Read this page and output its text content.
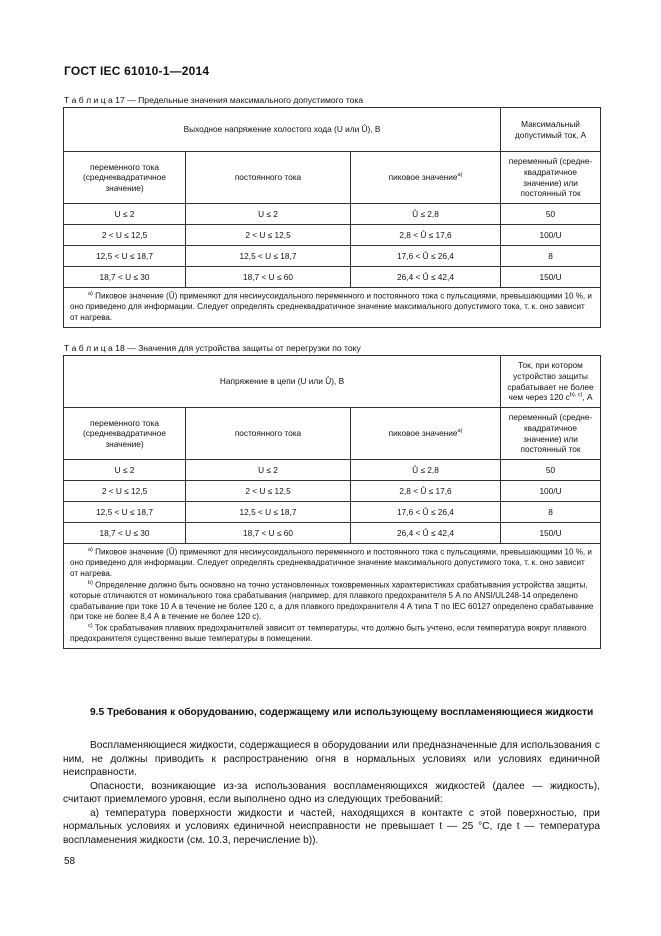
ГОСТ IEC 61010-1—2014
Т а б л и ц а 17 — Предельные значения максимального допустимого тока
Выходное напряжение холостого хода (U или Û), В			Максимальный допустимый ток, А
переменного тока (среднеквадратичное значение)	постоянного тока	пиковое значение$^{a)}$	переменный (средне-квадратичное значение) или постоянный ток
U ≤ 2	U ≤ 2	Û ≤ 2,8	50
2 < U ≤ 12,5	2 < U ≤ 12,5	2,8 < Û ≤ 17,6	100/U
12,5 < U ≤ 18,7	12,5 < U ≤ 18,7	17,6 < Û ≤ 26,4	8
18,7 < U ≤ 30	18,7 < U ≤ 60	26,4 < Û ≤ 42,4	150/U

$^{a)}$ Пиковое значение (Û) применяют для несинусоидального переменного и постоянного тока с пульсациями, превышающими 10 %, и оно приведено для информации. Следует определять среднеквадратичное значение максимального допустимого тока, т. к. оно зависит от нагрева.			

Т а б л и ц а 18 — Значения для устройства защиты от перегрузки по току
Напряжение в цепи (U или Û), В			Ток, при котором устройство защиты срабатывает не более чем через 120 $с^{b), c)}$, А
переменного тока (среднеквадратичное значение)	постоянного тока	пиковое значение$^{a)}$	переменный (средне-квадратичное значение) или постоянный ток
U ≤ 2	U ≤ 2	Û ≤ 2,8	50
2 < U ≤ 12,5	2 < U ≤ 12,5	2,8 < Û ≤ 17,6	100/U
12,5 < U ≤ 18,7	12,5 < U ≤ 18,7	17,6 < Û ≤ 26,4	8
18,7 < U ≤ 30	18,7 < U ≤ 60	26,4 < Û ≤ 42,4	150/U

$^{a)}$ Пиковое значение (Û) применяют для несинусоидального переменного и постоянного тока с пульсациями, превышающими 10 %, и оно приведено для информации. Следует определять среднеквадратичное значение максимального допустимого тока, т. к. оно зависит от нагрева.

$^{b)}$ Определение должно быть основано на точно установленных токовременных характеристиках срабатывания устройства защиты, которые отличаются от номинального тока срабатывания (например, для плавкого предохранителя 5 А по ANSI/UL248-14 определено срабатывание при токе 10 А в течение не более 120 с, а для плавкого предохранителя 4 А типа Т по IEC 60127 определено срабатывание при токе не более 8,4 А в течение не более 120 с).

$^{c)}$ Ток срабатывания плавких предохранителей зависит от температуры, что должно быть учтено, если температура вокруг плавкого предохранителя существенно выше температуры в помещении.			

9.5 Требования к оборудованию, содержащему или использующему воспламеняющиеся жидкости

Воспламеняющиеся жидкости, содержащиеся в оборудовании или предназначенные для использования с ним, не должны приводить к распространению огня в нормальных условиях или условиях единичной неисправности.

Опасности, возникающие из-за использования воспламеняющихся жидкостей (далее — жидкость), считают приемлемого уровня, если выполнено одно из следующих требований:

a) температура поверхности жидкости и частей, находящихся в контакте с этой поверхностью, при нормальных условиях и условиях единичной неисправности не превышает t — 25 °C, где t — температура воспламенения жидкости (см. 10.3, перечисление b)).

58
